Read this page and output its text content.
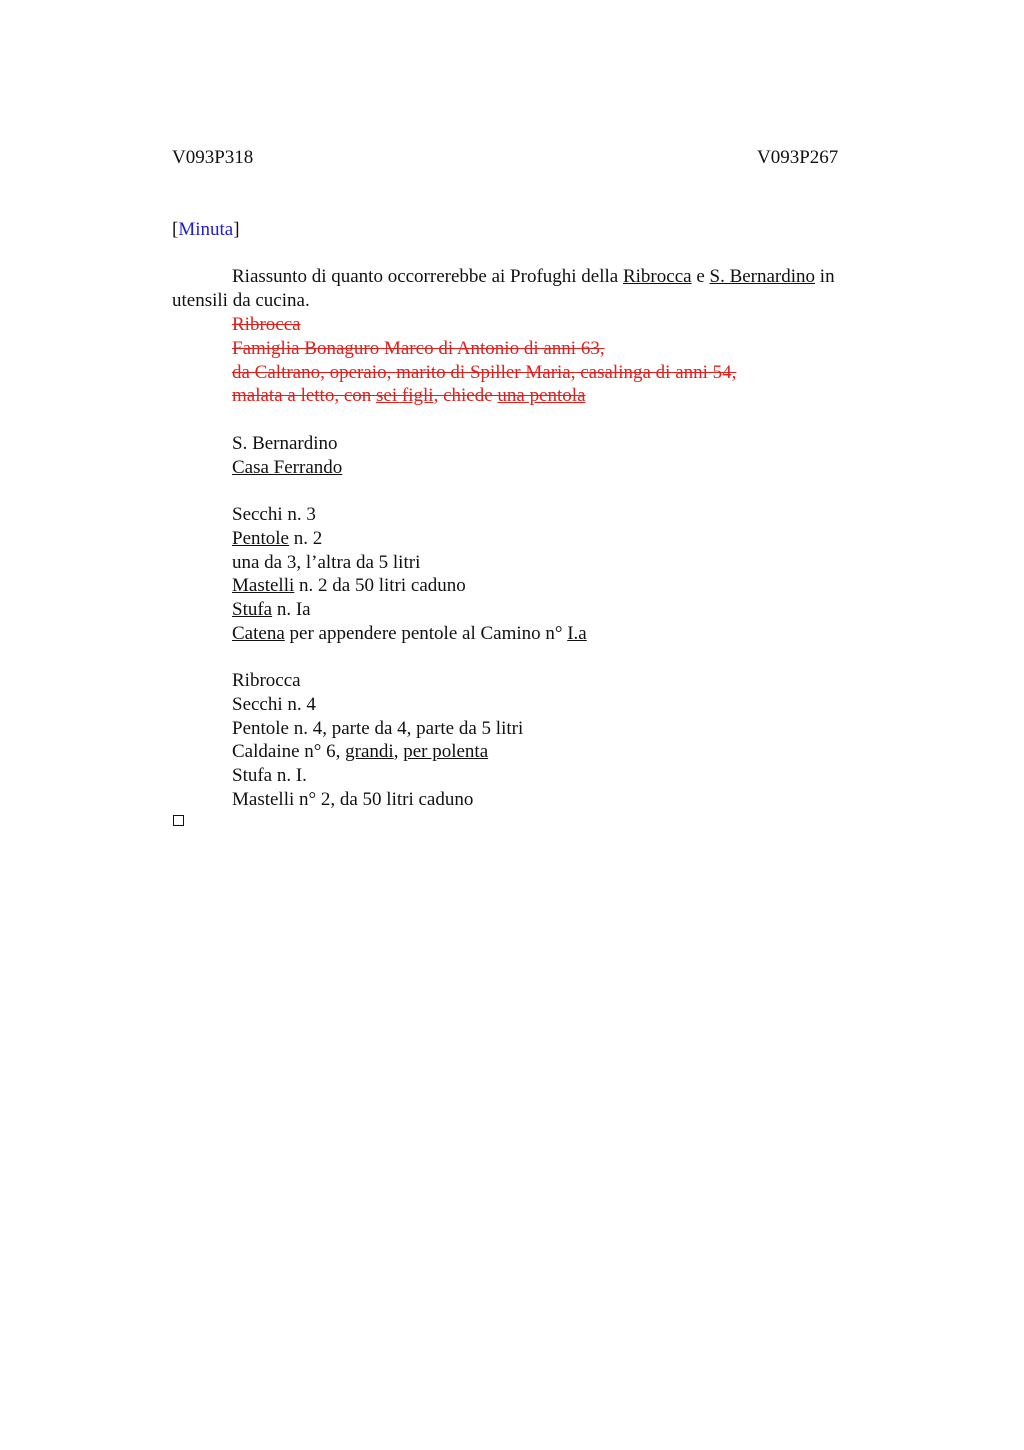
V093P318	V093P267
[Minuta]
Riassunto di quanto occorrerebbe ai Profughi della Ribrocca e S. Bernardino in
utensili da cucina.
Ribrocca
Famiglia Bonaguro Marco di Antonio di anni 63,
da Caltrano, operaio, marito di Spiller Maria, casalinga di anni 54,
malata a letto, con sei figli, chiede una pentola
S. Bernardino
Casa Ferrando
Secchi n. 3
Pentole n. 2
una da 3, l’altra da 5 litri
Mastelli n. 2 da 50 litri caduno
Stufa n. Ia
Catena per appendere pentole al Camino n° I.a
Ribrocca
Secchi n. 4
Pentole n. 4, parte da 4, parte da 5 litri
Caldaine n° 6, grandi, per polenta
Stufa n. I.
Mastelli n° 2, da 50 litri caduno
